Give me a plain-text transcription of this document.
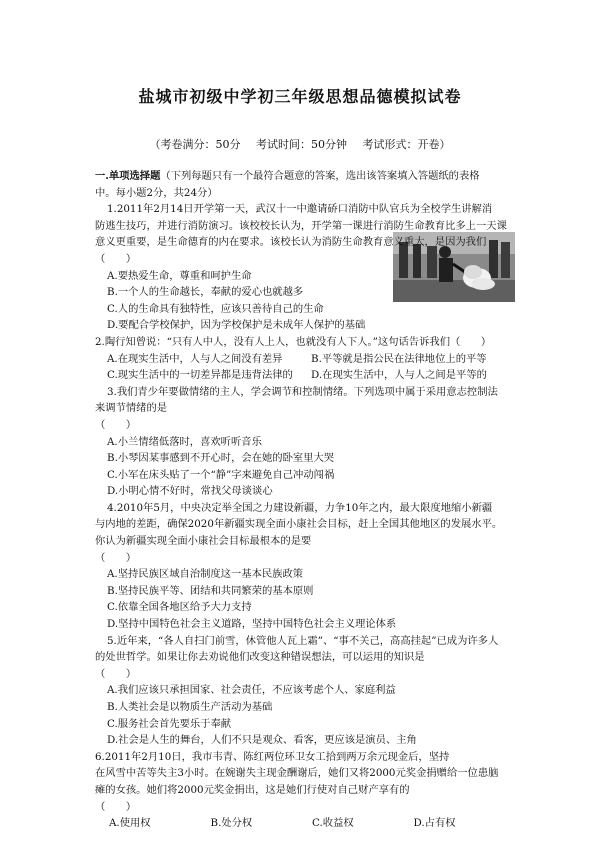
盐城市初级中学初三年级思想品德模拟试卷
（考卷满分：50分 考试时间：50分钟 考试形式：开卷）
一.单项选择题（下列每题只有一个最符合题意的答案，选出该答案填入答题纸的表格
中。每小题2分，共24分）
1.2011年2月14日开学第一天，武汉十一中邀请硚口消防中队官兵为全校学生讲解消
防逃生技巧，并进行消防演习。该校校长认为，开学第一课进行消防生命教育比多上一天课
意义更重要，是生命德育的内在要求。该校长认为消防生命教育意义重大，是因为我们
（　　）
A.要热爱生命，尊重和呵护生命
B.一个人的生命越长，奉献的爱心也就越多
C.人的生命具有独特性，应该只善待自己的生命
D.要配合学校保护，因为学校保护是未成年人保护的基础
2.陶行知曾说：“只有人中人，没有人上人，也就没有人下人。”这句话告诉我们（　　）
A.在现实生活中，人与人之间没有差异	B.平等就是指公民在法律地位上的平等
C.现实生活中的一切差异都是违背法律的	D.在现实生活中，人与人之间是平等的
3.我们青少年要做情绪的主人，学会调节和控制情绪。下列选项中属于采用意志控制法
来调节情绪的是
（　　）
A.小兰情绪低落时，喜欢听听音乐
B.小琴因某事感到不开心时，会在她的卧室里大哭
C.小军在床头贴了一个“静”字来避免自己冲动闯祸
D.小明心情不好时，常找父母谈谈心
4.2010年5月，中央决定举全国之力建设新疆，力争10年之内，最大限度地缩小新疆
与内地的差距，确保2020年新疆实现全面小康社会目标，赶上全国其他地区的发展水平。
你认为新疆实现全面小康社会目标最根本的是要
（　　）
A.坚持民族区域自治制度这一基本民族政策
B.坚持民族平等、团结和共同繁荣的基本原则
C.依靠全国各地区给予大力支持
D.坚持中国特色社会主义道路，坚持中国特色社会主义理论体系
5.近年来，“各人自扫门前雪，休管他人瓦上霜”、“事不关己，高高挂起”已成为许多人
的处世哲学。如果让你去劝说他们改变这种错误想法，可以运用的知识是
（　　）
A.我们应该只承担国家、社会责任，不应该考虑个人、家庭利益
B.人类社会是以物质生产活动为基础
C.服务社会首先要乐于奉献
D.社会是人生的舞台，人们不只是观众、看客，更应该是演员、主角
6.2011年2月10日，我市韦青、陈红两位环卫女工拾到两万余元现金后，坚持
在风雪中苦等失主3小时。在婉谢失主现金酬谢后，她们又将2000元奖金捐赠给一位患脑
瘫的女孩。她们将2000元奖金捐出，这是她们行使对自己财产享有的
（　　）
A.使用权	B.处分权	C.收益权	D.占有权
